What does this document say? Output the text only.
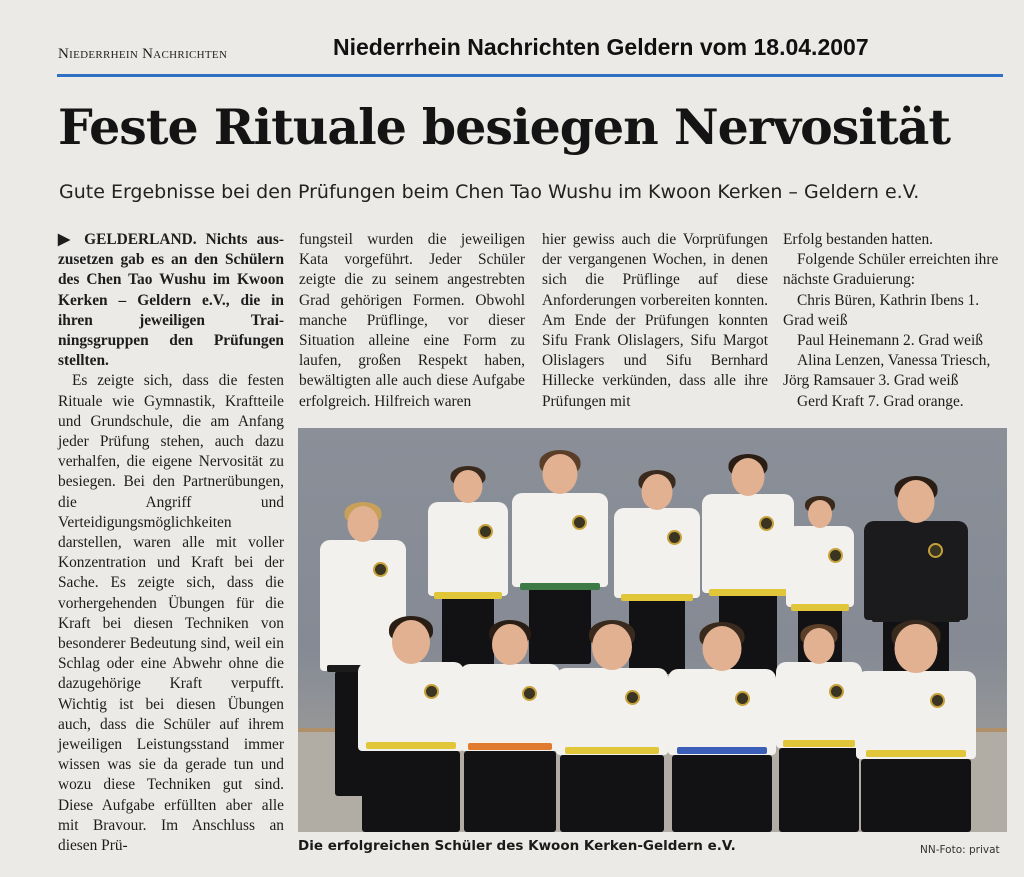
Niederrhein Nachrichten	Niederrhein Nachrichten Geldern vom 18.04.2007
Feste Rituale besiegen Nervosität
Gute Ergebnisse bei den Prüfungen beim Chen Tao Wushu im Kwoon Kerken – Geldern e.V.

▶ GELDERLAND. Nichts auszusetzen gab es an den Schülern des Chen Tao Wushu im Kwoon Kerken – Geldern e.V., die in ihren jeweiligen Trainingsgruppen den Prüfungen stellten.

Es zeigte sich, dass die festen Rituale wie Gymnastik, Kraftteile und Grundschule, die am Anfang jeder Prüfung stehen, auch dazu verhalfen, die eigene Nervosität zu besiegen. Bei den Partnerübungen, die Angriff und Verteidigungsmöglichkeiten darstellen, waren alle mit voller Konzentration und Kraft bei der Sache. Es zeigte sich, dass die vorhergehenden Übungen für die Kraft bei diesen Techniken von besonderer Bedeutung sind, weil ein Schlag oder eine Abwehr ohne die dazugehörige Kraft verpufft. Wichtig ist bei diesen Übungen auch, dass die Schüler auf ihrem jeweiligen Leistungsstand immer wissen was sie da gerade tun und wozu diese Techniken gut sind. Diese Aufgabe erfüllten aber alle mit Bravour. Im Anschluss an diesen Prü-

fungsteil wurden die jeweiligen Kata vorgeführt. Jeder Schüler zeigte die zu seinem angestrebten Grad gehörigen Formen. Obwohl manche Prüflinge, vor dieser Situation alleine eine Form zu laufen, großen Respekt haben, bewältigten alle auch diese Aufgabe erfolgreich. Hilfreich waren

hier gewiss auch die Vorprüfungen der vergangenen Wochen, in denen sich die Prüflinge auf diese Anforderungen vorbereiten konnten. Am Ende der Prüfungen konnten Sifu Frank Olislagers, Sifu Margot Olislagers und Sifu Bernhard Hillecke verkünden, dass alle ihre Prüfungen mit

Erfolg bestanden hatten.

Folgende Schüler erreichten ihre nächste Graduierung:

Chris Büren, Kathrin Ibens 1. Grad weiß

Paul Heinemann 2. Grad weiß

Alina Lenzen, Vanessa Triesch, Jörg Ramsauer 3. Grad weiß

Gerd Kraft 7. Grad orange.

Die erfolgreichen Schüler des Kwoon Kerken-Geldern e.V.	NN-Foto: privat
